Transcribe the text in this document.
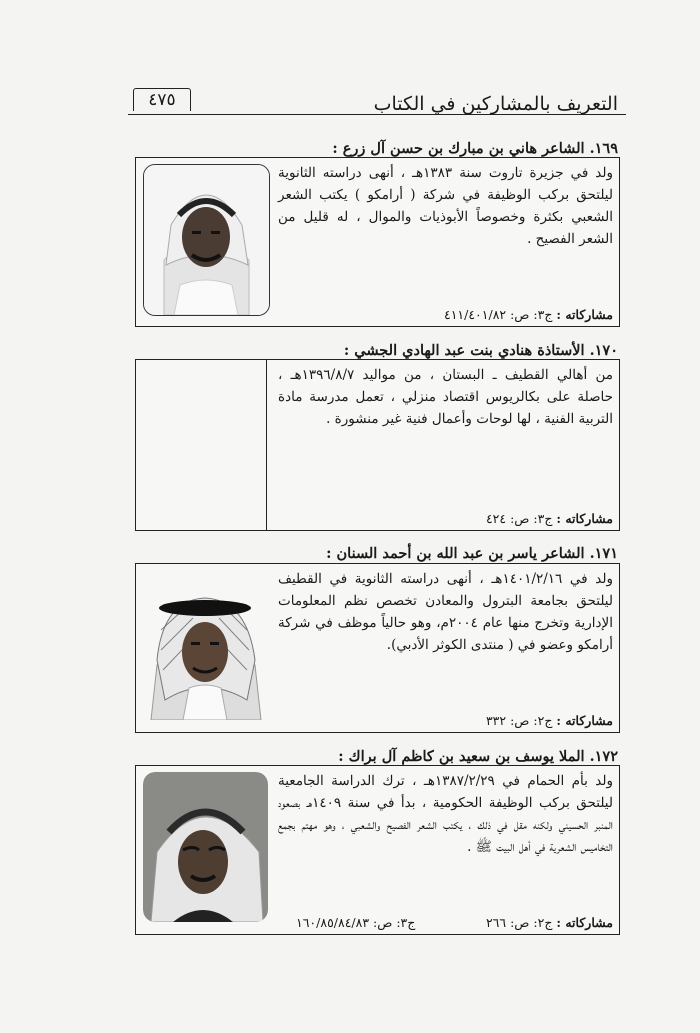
٤٧٥	التعريف بالمشاركين في الكتاب
١٦٩. الشاعر هاني بن مبارك بن حسن آل زرع :
ولد في جزيرة تاروت سنة ١٣٨٣هـ ، أنهى دراسته الثانوية ليلتحق بركب الوظيفة في شركة ( أرامكو ) يكتب الشعر الشعبي بكثرة وخصوصاً الأبوذيات والموال ، له قليل من الشعر الفصيح .
مشاركاته : ج٣: ص: ٤١١/٤٠١/٨٢
١٧٠. الأستاذة هنادي بنت عبد الهادي الجشي :
من أهالي القطيف ـ البستان ، من مواليد ١٣٩٦/٨/٧هـ ، حاصلة على بكالريوس اقتصاد منزلي ، تعمل مدرسة مادة التربية الفنية ، لها لوحات وأعمال فنية غير منشورة .
مشاركاته : ج٣: ص: ٤٢٤
١٧١. الشاعر ياسر بن عبد الله بن أحمد السنان :
ولد في ١٤٠١/٢/١٦هـ ، أنهى دراسته الثانوية في القطيف ليلتحق بجامعة البترول والمعادن تخصص نظم المعلومات الإدارية وتخرج منها عام ٢٠٠٤م، وهو حالياً موظف في شركة أرامكو وعضو في ( منتدى الكوثر الأدبي).
مشاركاته : ج٢: ص: ٣٣٢
١٧٢. الملا يوسف بن سعيد بن كاظم آل براك :
ولد بأم الحمام في ١٣٨٧/٢/٢٩هـ ، ترك الدراسة الجامعية ليلتحق بركب الوظيفة الحكومية ، بدأ في سنة ١٤٠٩هـ بصعود المنبر الحسيني ولكنه مقل في ذلك ، يكتب الشعر الفصيح والشعبي ، وهو مهتم بجمع التخاميس الشعرية في أهل البيت ﷺ .
مشاركاته : ج٢: ص: ٢٦٦
ج٣: ص: ١٦٠/٨٥/٨٤/٨٣
